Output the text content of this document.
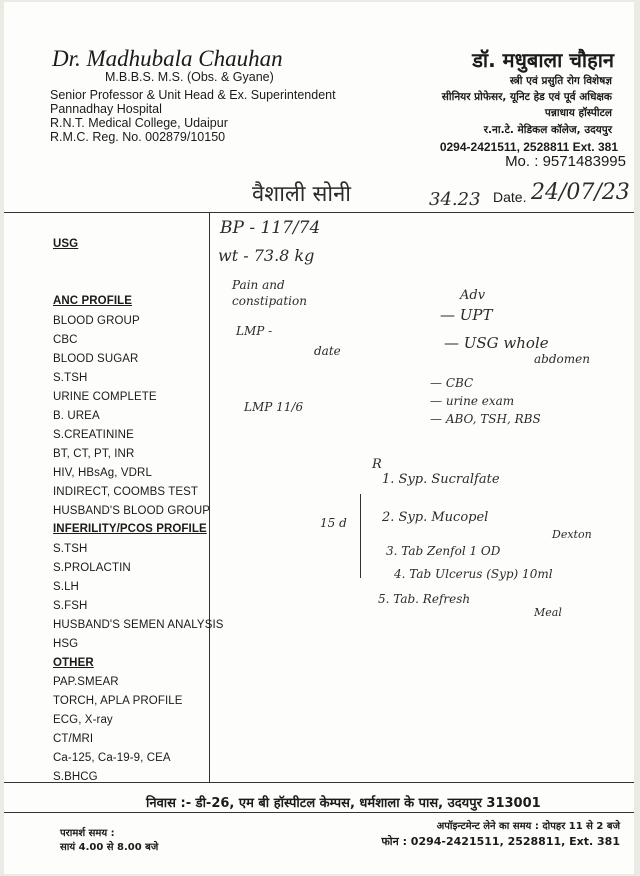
Dr. Madhubala Chauhan
M.B.B.S. M.S. (Obs. & Gyane)
Senior Professor & Unit Head & Ex. Superintendent
Pannadhay Hospital
R.N.T. Medical College, Udaipur
R.M.C. Reg. No. 002879/10150
डॉ. मधुबाला चौहान
स्त्री एवं प्रसुति रोग विशेषज्ञ
सीनियर प्रोफेसर, यूनिट हेड एवं पूर्व अधिक्षक
पन्नाधाय हॉस्पीटल
र.ना.टे. मेडिकल कॉलेज, उदयपुर
0294-2421511, 2528811 Ext. 381
Mo. : 9571483995
वैशाली सोनी	34.23 Date. 24/07/23
USG
ANC PROFILE
BLOOD GROUP
CBC
BLOOD SUGAR
S.TSH
URINE COMPLETE
B. UREA
S.CREATININE
BT, CT, PT, INR
HIV, HBsAg, VDRL
INDIRECT, COOMBS TEST
HUSBAND'S BLOOD GROUP
INFERILITY/PCOS PROFILE
S.TSH
S.PROLACTIN
S.LH
S.FSH
HUSBAND'S SEMEN ANALYSIS
HSG
OTHER
PAP.SMEAR
TORCH, APLA PROFILE
ECG, X-ray
CT/MRI
Ca-125, Ca-19-9, CEA
S.BHCG
BP - 117/74
wt - 73.8 kg
Pain and
constipation
LMP -
date
LMP 11/6
Adv
— UPT
— USG whole
abdomen
— CBC
— urine exam
— ABO, TSH, RBS
R
1. Syp. Sucralfate
2. Syp. Mucopel
Dexton
3. Tab Zenfol 1 OD
4. Tab Ulcerus (Syp) 10ml
5. Tab. Refresh
Meal
15 d
निवास :- डी-26, एम बी हॉस्पीटल केम्पस, धर्मशाला के पास, उदयपुर 313001
परामर्श समय :
सायं 4.00 से 8.00 बजे
अपॉइन्टमेन्ट लेने का समय : दोपहर 11 से 2 बजे
फोन : 0294-2421511, 2528811, Ext. 381
